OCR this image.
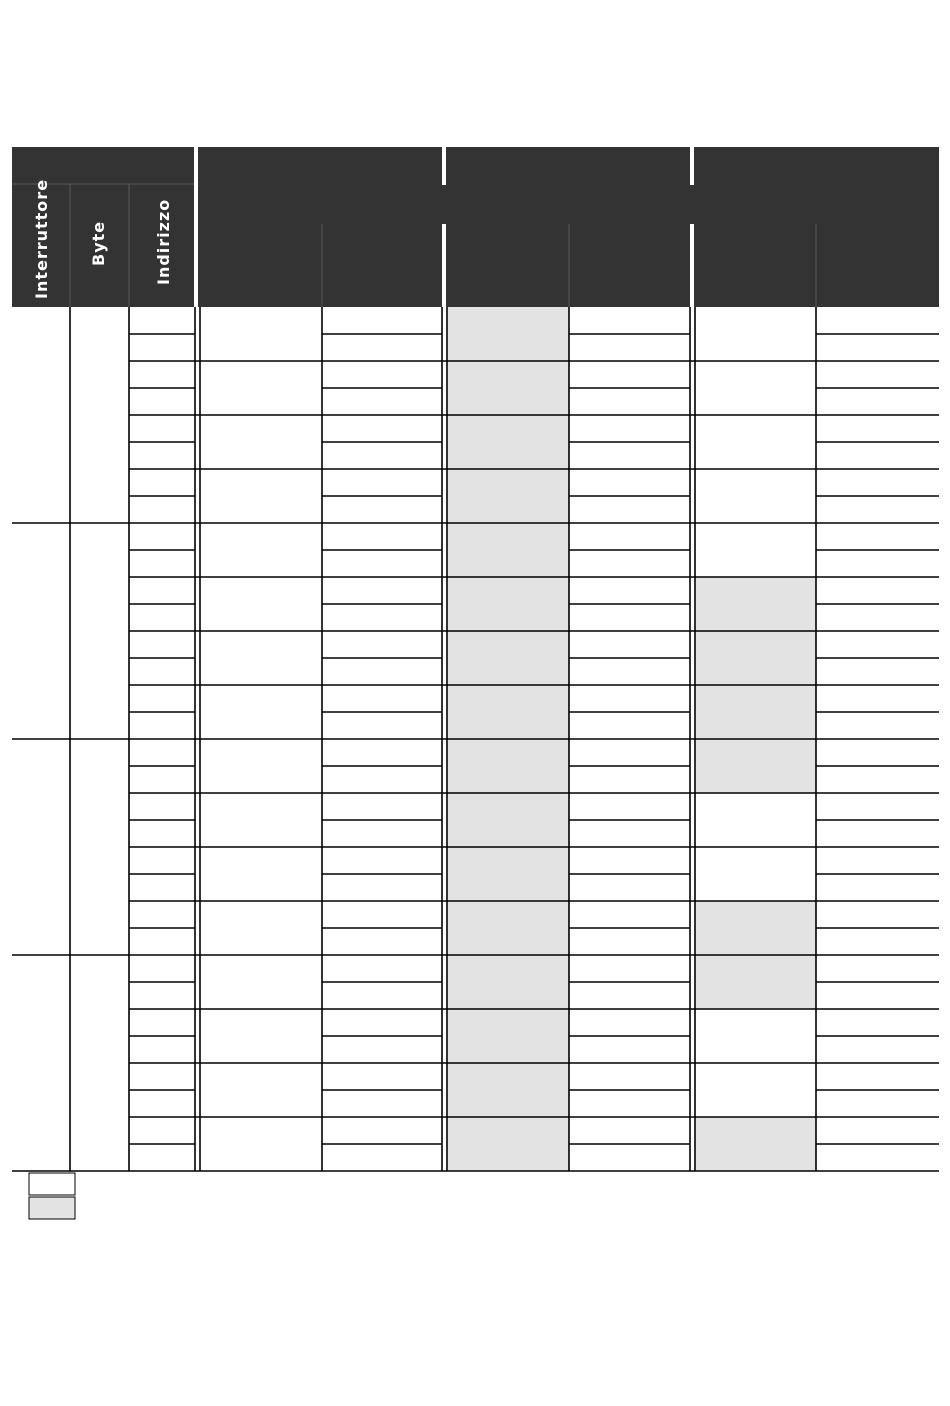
Interruttore Byte	Indirizzo
